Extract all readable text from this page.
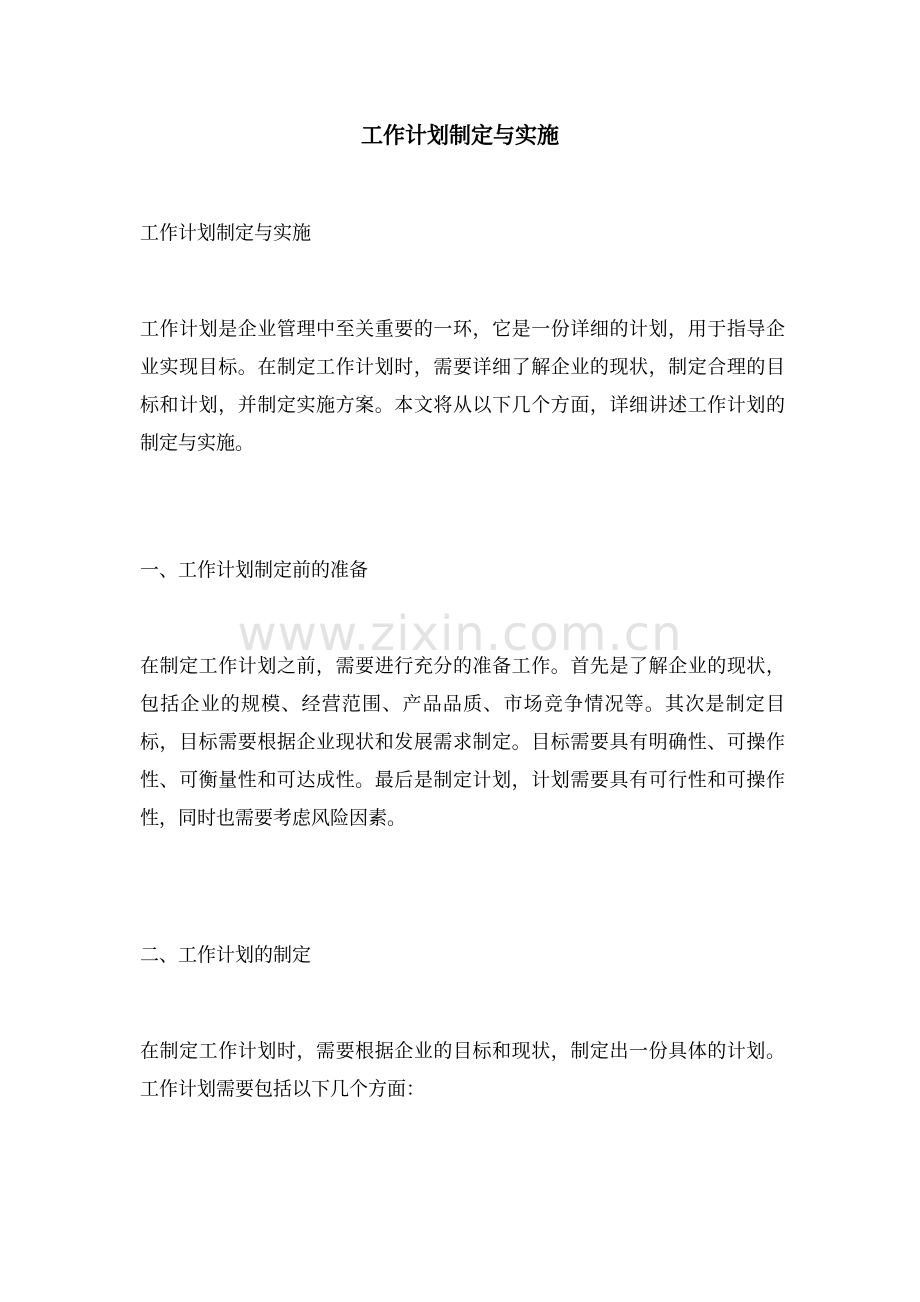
www.zixin.com.cn
工作计划制定与实施

工作计划制定与实施

工作计划是企业管理中至关重要的一环，它是一份详细的计划，用于指导企业实现目标。在制定工作计划时，需要详细了解企业的现状，制定合理的目标和计划，并制定实施方案。本文将从以下几个方面，详细讲述工作计划的制定与实施。

一、工作计划制定前的准备

在制定工作计划之前，需要进行充分的准备工作。首先是了解企业的现状，包括企业的规模、经营范围、产品品质、市场竞争情况等。其次是制定目标，目标需要根据企业现状和发展需求制定。目标需要具有明确性、可操作性、可衡量性和可达成性。最后是制定计划，计划需要具有可行性和可操作性，同时也需要考虑风险因素。

二、工作计划的制定

在制定工作计划时，需要根据企业的目标和现状，制定出一份具体的计划。工作计划需要包括以下几个方面：
